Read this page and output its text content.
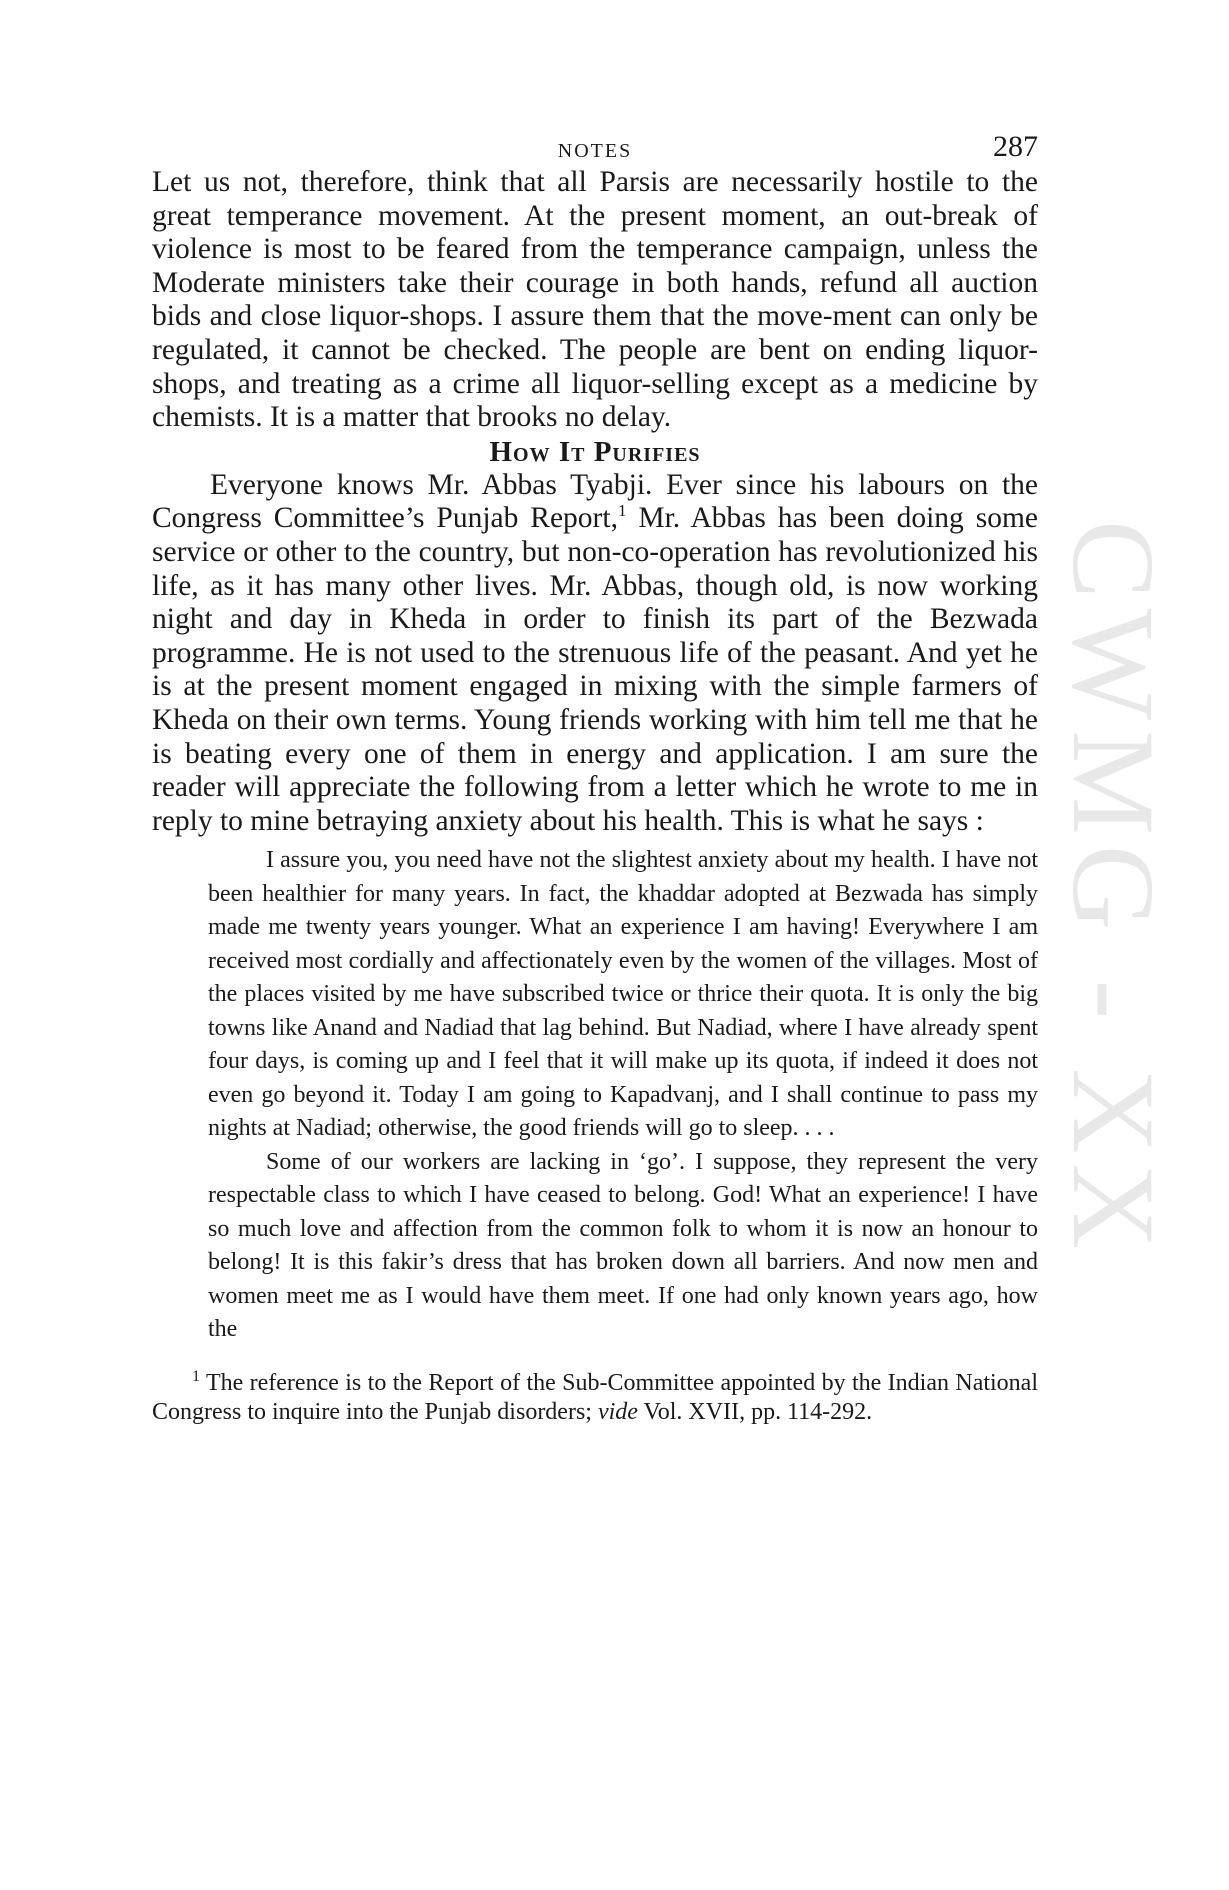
CWMG - XX
NOTES	287

Let us not, therefore, think that all Parsis are necessarily hostile to the great temperance movement. At the present moment, an out-break of violence is most to be feared from the temperance campaign, unless the Moderate ministers take their courage in both hands, refund all auction bids and close liquor-shops. I assure them that the move-ment can only be regulated, it cannot be checked. The people are bent on ending liquor-shops, and treating as a crime all liquor-selling except as a medicine by chemists. It is a matter that brooks no delay.

How It Purifies

Everyone knows Mr. Abbas Tyabji. Ever since his labours on the Congress Committee’s Punjab Report,$^1$ Mr. Abbas has been doing some service or other to the country, but non-co-operation has revolutionized his life, as it has many other lives. Mr. Abbas, though old, is now working night and day in Kheda in order to finish its part of the Bezwada programme. He is not used to the strenuous life of the peasant. And yet he is at the present moment engaged in mixing with the simple farmers of Kheda on their own terms. Young friends working with him tell me that he is beating every one of them in energy and application. I am sure the reader will appreciate the following from a letter which he wrote to me in reply to mine betraying anxiety about his health. This is what he says :

I assure you, you need have not the slightest anxiety about my health. I have not been healthier for many years. In fact, the khaddar adopted at Bezwada has simply made me twenty years younger. What an experience I am having! Everywhere I am received most cordially and affectionately even by the women of the villages. Most of the places visited by me have subscribed twice or thrice their quota. It is only the big towns like Anand and Nadiad that lag behind. But Nadiad, where I have already spent four days, is coming up and I feel that it will make up its quota, if indeed it does not even go beyond it. Today I am going to Kapadvanj, and I shall continue to pass my nights at Nadiad; otherwise, the good friends will go to sleep. . . .

Some of our workers are lacking in ‘go’. I suppose, they represent the very respectable class to which I have ceased to belong. God! What an experience! I have so much love and affection from the common folk to whom it is now an honour to belong! It is this fakir’s dress that has broken down all barriers. And now men and women meet me as I would have them meet. If one had only known years ago, how the

$^1$ The reference is to the Report of the Sub-Committee appointed by the Indian National Congress to inquire into the Punjab disorders; vide Vol. XVII, pp. 114-292.
